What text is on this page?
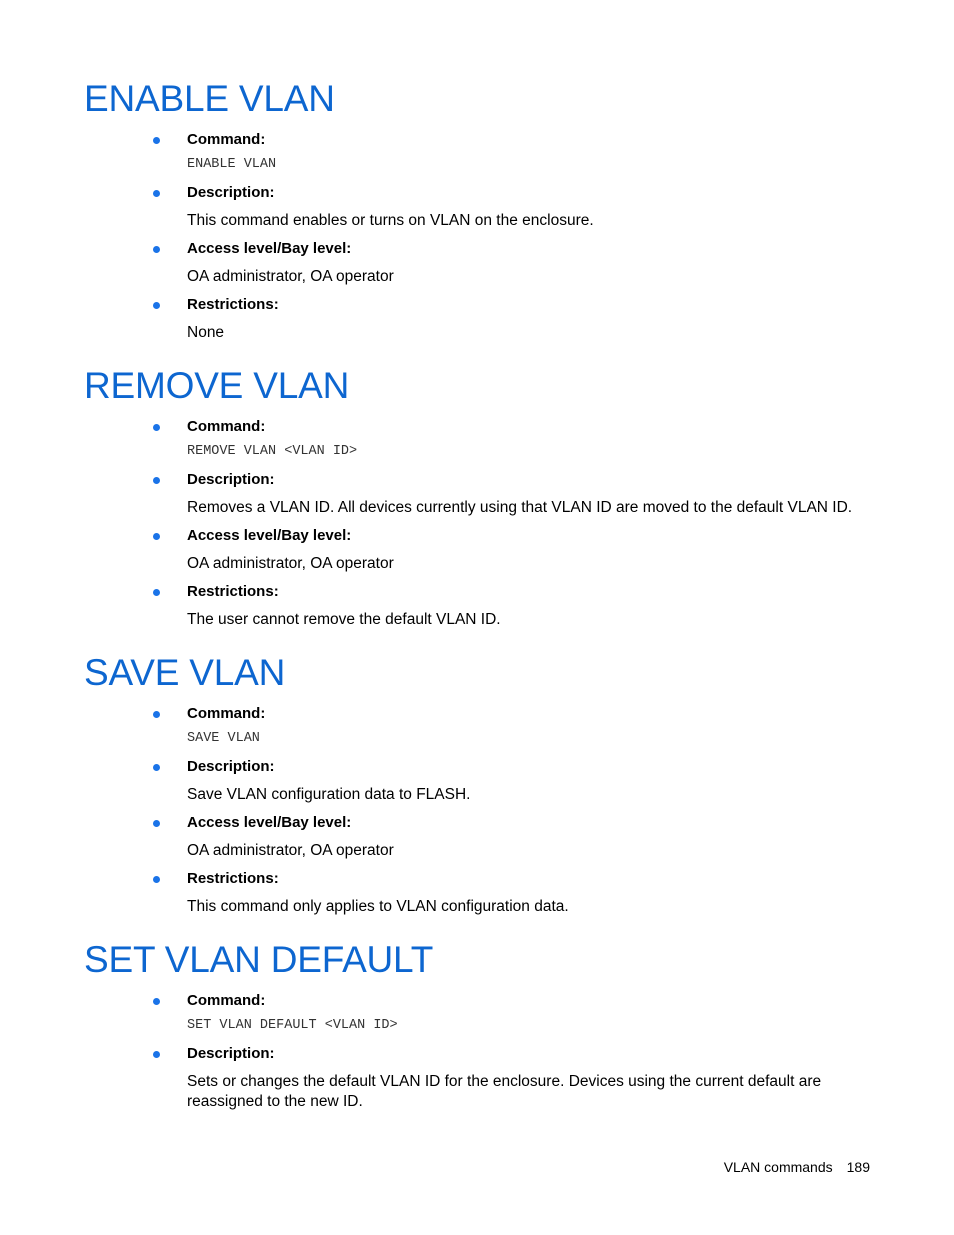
ENABLE VLAN
Command:
ENABLE VLAN
Description:
This command enables or turns on VLAN on the enclosure.
Access level/Bay level:
OA administrator, OA operator
Restrictions:
None
REMOVE VLAN
Command:
REMOVE VLAN <VLAN ID>
Description:
Removes a VLAN ID. All devices currently using that VLAN ID are moved to the default VLAN ID.
Access level/Bay level:
OA administrator, OA operator
Restrictions:
The user cannot remove the default VLAN ID.
SAVE VLAN
Command:
SAVE VLAN
Description:
Save VLAN configuration data to FLASH.
Access level/Bay level:
OA administrator, OA operator
Restrictions:
This command only applies to VLAN configuration data.
SET VLAN DEFAULT
Command:
SET VLAN DEFAULT <VLAN ID>
Description:
Sets or changes the default VLAN ID for the enclosure. Devices using the current default are reassigned to the new ID.
VLAN commands 189
